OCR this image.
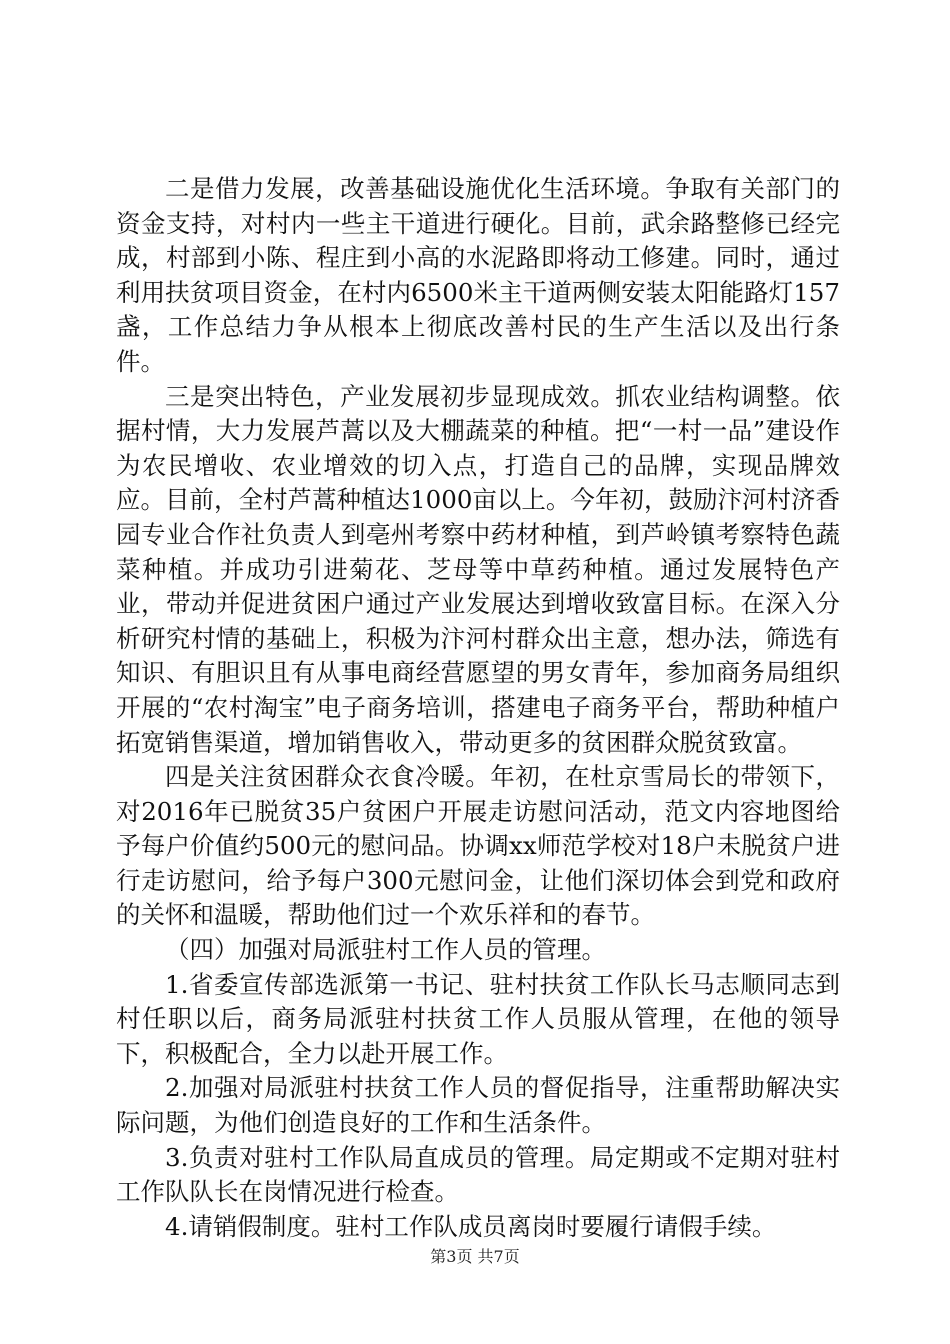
二是借力发展，改善基础设施优化生活环境。争取有关部门的资金支持，对村内一些主干道进行硬化。目前，武余路整修已经完成，村部到小陈、程庄到小高的水泥路即将动工修建。同时，通过利用扶贫项目资金，在村内6500米主干道两侧安装太阳能路灯157盏，工作总结力争从根本上彻底改善村民的生产生活以及出行条件。

三是突出特色，产业发展初步显现成效。抓农业结构调整。依据村情，大力发展芦蒿以及大棚蔬菜的种植。把“一村一品”建设作为农民增收、农业增效的切入点，打造自己的品牌，实现品牌效应。目前，全村芦蒿种植达1000亩以上。今年初，鼓励汴河村济香园专业合作社负责人到亳州考察中药材种植，到芦岭镇考察特色蔬菜种植。并成功引进菊花、芝母等中草药种植。通过发展特色产业，带动并促进贫困户通过产业发展达到增收致富目标。在深入分析研究村情的基础上，积极为汴河村群众出主意，想办法，筛选有知识、有胆识且有从事电商经营愿望的男女青年，参加商务局组织开展的“农村淘宝”电子商务培训，搭建电子商务平台，帮助种植户拓宽销售渠道，增加销售收入，带动更多的贫困群众脱贫致富。

四是关注贫困群众衣食冷暖。年初，在杜京雪局长的带领下，对2016年已脱贫35户贫困户开展走访慰问活动，范文内容地图给予每户价值约500元的慰问品。协调xx师范学校对18户未脱贫户进行走访慰问，给予每户300元慰问金，让他们深切体会到党和政府的关怀和温暖，帮助他们过一个欢乐祥和的春节。

（四）加强对局派驻村工作人员的管理。

1.省委宣传部选派第一书记、驻村扶贫工作队长马志顺同志到村任职以后，商务局派驻村扶贫工作人员服从管理，在他的领导下，积极配合，全力以赴开展工作。

2.加强对局派驻村扶贫工作人员的督促指导，注重帮助解决实际问题，为他们创造良好的工作和生活条件。

3.负责对驻村工作队局直成员的管理。局定期或不定期对驻村工作队队长在岗情况进行检查。

4.请销假制度。驻村工作队成员离岗时要履行请假手续。

第3页 共7页
